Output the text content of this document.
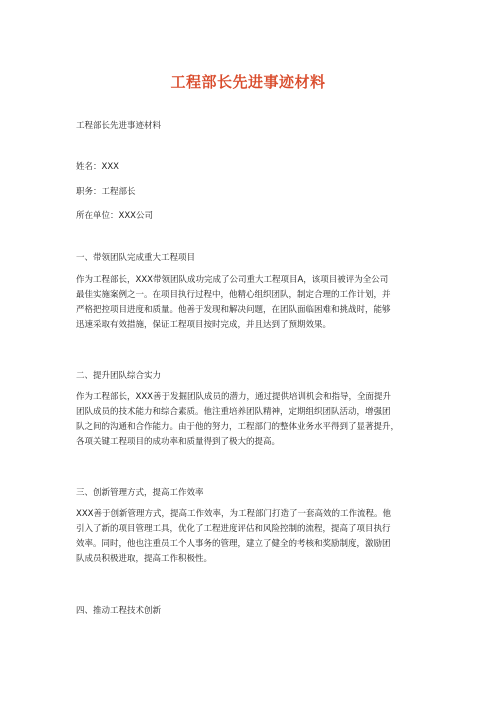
工程部长先进事迹材料
工程部长先进事迹材料
姓名：XXX
职务：工程部长
所在单位：XXX公司
一、带领团队完成重大工程项目
作为工程部长，XXX带领团队成功完成了公司重大工程项目A，该项目被评为全公司
最佳实施案例之一。在项目执行过程中，他精心组织团队，制定合理的工作计划，并
严格把控项目进度和质量。他善于发现和解决问题，在团队面临困难和挑战时，能够
迅速采取有效措施，保证工程项目按时完成，并且达到了预期效果。
二、提升团队综合实力
作为工程部长，XXX善于发掘团队成员的潜力，通过提供培训机会和指导，全面提升
团队成员的技术能力和综合素质。他注重培养团队精神，定期组织团队活动，增强团
队之间的沟通和合作能力。由于他的努力，工程部门的整体业务水平得到了显著提升，
各项关键工程项目的成功率和质量得到了极大的提高。
三、创新管理方式，提高工作效率
XXX善于创新管理方式，提高工作效率，为工程部门打造了一套高效的工作流程。他
引入了新的项目管理工具，优化了工程进度评估和风险控制的流程，提高了项目执行
效率。同时，他也注重员工个人事务的管理，建立了健全的考核和奖励制度，激励团
队成员积极进取，提高工作积极性。
四、推动工程技术创新
